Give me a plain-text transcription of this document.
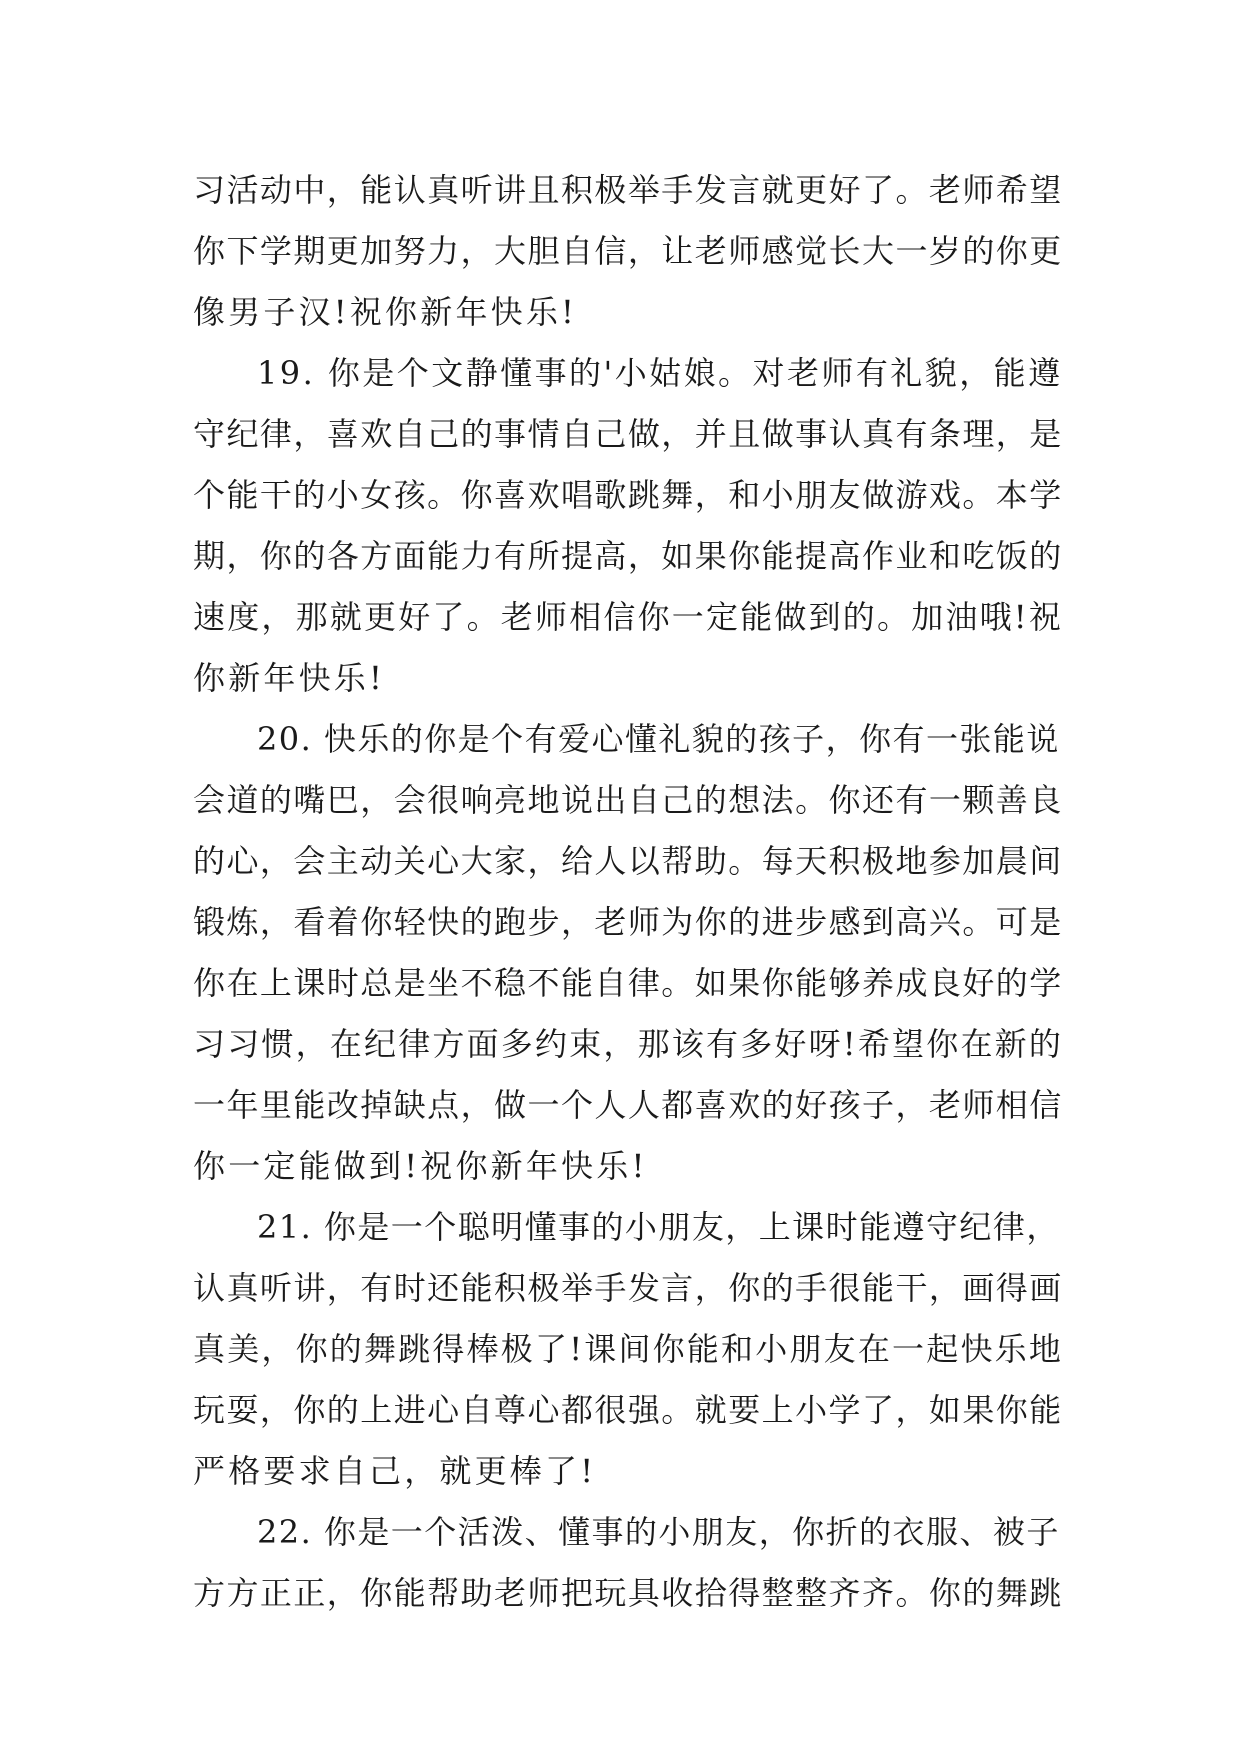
习活动中，能认真听讲且积极举手发言就更好了。老师希望
你下学期更加努力，大胆自信，让老师感觉长大一岁的你更
像男子汉!祝你新年快乐!
19. 你是个文静懂事的'小姑娘。对老师有礼貌，能遵
守纪律，喜欢自己的事情自己做，并且做事认真有条理，是
个能干的小女孩。你喜欢唱歌跳舞，和小朋友做游戏。本学
期，你的各方面能力有所提高，如果你能提高作业和吃饭的
速度，那就更好了。老师相信你一定能做到的。加油哦!祝
你新年快乐!
20. 快乐的你是个有爱心懂礼貌的孩子，你有一张能说
会道的嘴巴，会很响亮地说出自己的想法。你还有一颗善良
的心，会主动关心大家，给人以帮助。每天积极地参加晨间
锻炼，看着你轻快的跑步，老师为你的进步感到高兴。可是
你在上课时总是坐不稳不能自律。如果你能够养成良好的学
习习惯，在纪律方面多约束，那该有多好呀!希望你在新的
一年里能改掉缺点，做一个人人都喜欢的好孩子，老师相信
你一定能做到!祝你新年快乐!
21. 你是一个聪明懂事的小朋友，上课时能遵守纪律，
认真听讲，有时还能积极举手发言，你的手很能干，画得画
真美，你的舞跳得棒极了!课间你能和小朋友在一起快乐地
玩耍，你的上进心自尊心都很强。就要上小学了，如果你能
严格要求自己，就更棒了!
22. 你是一个活泼、懂事的小朋友，你折的衣服、被子
方方正正，你能帮助老师把玩具收拾得整整齐齐。你的舞跳
